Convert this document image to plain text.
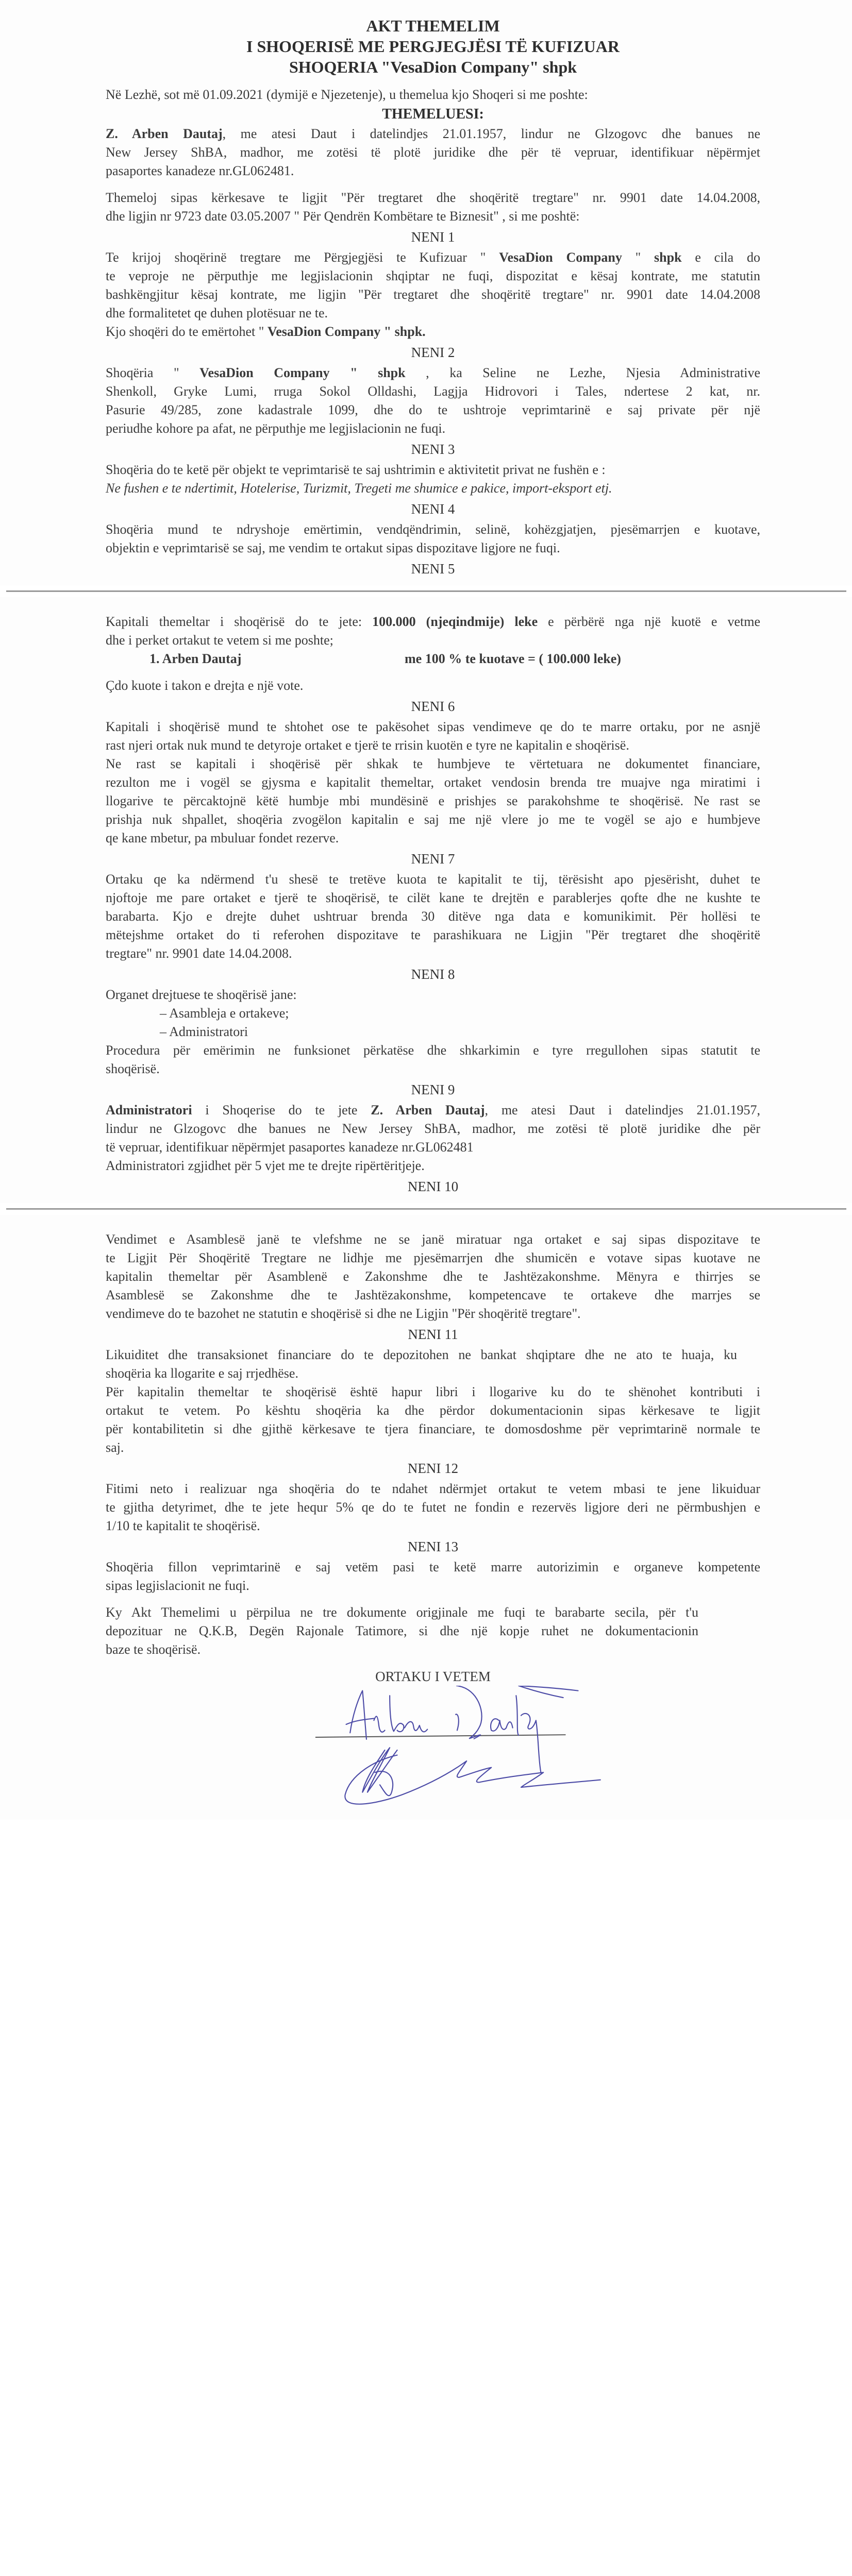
AKT THEMELIM
I SHOQERISË ME PERGJEGJËSI TË KUFIZUAR
SHOQERIA "VesaDion Company" shpk
Në Lezhë, sot më 01.09.2021 (dymijë e Njezetenje), u themelua kjo Shoqeri si me poshte:
THEMELUESI:
Z. Arben Dautaj, me atesi Daut i datelindjes 21.01.1957, lindur ne Glzogovc dhe banues ne
New Jersey ShBA, madhor, me zotësi të plotë juridike dhe për të vepruar, identifikuar nëpërmjet
pasaportes kanadeze nr.GL062481.
Themeloj sipas kërkesave te ligjit "Për tregtaret dhe shoqëritë tregtare" nr. 9901 date 14.04.2008,
dhe ligjin nr 9723 date 03.05.2007 " Për Qendrën Kombëtare te Biznesit" , si me poshtë:
NENI 1
Te krijoj shoqërinë tregtare me Përgjegjësi te Kufizuar " VesaDion Company " shpk e cila do
te veproje ne përputhje me legjislacionin shqiptar ne fuqi, dispozitat e kësaj kontrate, me statutin
bashkëngjitur kësaj kontrate, me ligjin "Për tregtaret dhe shoqëritë tregtare" nr. 9901 date 14.04.2008
dhe formalitetet qe duhen plotësuar ne te.
Kjo shoqëri do te emërtohet " VesaDion Company " shpk.
NENI 2
Shoqëria " VesaDion Company " shpk , ka Seline ne Lezhe, Njesia Administrative
Shenkoll, Gryke Lumi, rruga Sokol Olldashi, Lagjja Hidrovori i Tales, ndertese 2 kat, nr.
Pasurie 49/285, zone kadastrale 1099, dhe do te ushtroje veprimtarinë e saj private për një
periudhe kohore pa afat, ne përputhje me legjislacionin ne fuqi.
NENI 3
Shoqëria do te ketë për objekt te veprimtarisë te saj ushtrimin e aktivitetit privat ne fushën e :
Ne fushen e te ndertimit, Hotelerise, Turizmit, Tregeti me shumice e pakice, import-eksport etj.
NENI 4
Shoqëria mund te ndryshoje emërtimin, vendqëndrimin, selinë, kohëzgjatjen, pjesëmarrjen e kuotave,
objektin e veprimtarisë se saj, me vendim te ortakut sipas dispozitave ligjore ne fuqi.
NENI 5
Kapitali themeltar i shoqërisë do te jete: 100.000 (njeqindmije) leke e përbërë nga një kuotë e vetme
dhe i perket ortakut te vetem si me poshte;
1. Arben Dautaj	me 100 % te kuotave = ( 100.000 leke)
Çdo kuote i takon e drejta e një vote.
NENI 6
Kapitali i shoqërisë mund te shtohet ose te pakësohet sipas vendimeve qe do te marre ortaku, por ne asnjë
rast njeri ortak nuk mund te detyroje ortaket e tjerë te rrisin kuotën e tyre ne kapitalin e shoqërisë.
Ne rast se kapitali i shoqërisë për shkak te humbjeve te vërtetuara ne dokumentet financiare,
rezulton me i vogël se gjysma e kapitalit themeltar, ortaket vendosin brenda tre muajve nga miratimi i
llogarive te përcaktojnë këtë humbje mbi mundësinë e prishjes se parakohshme te shoqërisë. Ne rast se
prishja nuk shpallet, shoqëria zvogëlon kapitalin e saj me një vlere jo me te vogël se ajo e humbjeve
qe kane mbetur, pa mbuluar fondet rezerve.
NENI 7
Ortaku qe ka ndërmend t'u shesë te tretëve kuota te kapitalit te tij, tërësisht apo pjesërisht, duhet te
njoftoje me pare ortaket e tjerë te shoqërisë, te cilët kane te drejtën e parablerjes qofte dhe ne kushte te
barabarta. Kjo e drejte duhet ushtruar brenda 30 ditëve nga data e komunikimit. Për hollësi te
mëtejshme ortaket do ti referohen dispozitave te parashikuara ne Ligjin "Për tregtaret dhe shoqëritë
tregtare" nr. 9901 date 14.04.2008.
NENI 8
Organet drejtuese te shoqërisë jane:
– Asambleja e ortakeve;
– Administratori
Procedura për emërimin ne funksionet përkatëse dhe shkarkimin e tyre rregullohen sipas statutit te
shoqërisë.
NENI 9
Administratori i Shoqerise do te jete Z. Arben Dautaj, me atesi Daut i datelindjes 21.01.1957,
lindur ne Glzogovc dhe banues ne New Jersey ShBA, madhor, me zotësi të plotë juridike dhe për
të vepruar, identifikuar nëpërmjet pasaportes kanadeze nr.GL062481
Administratori zgjidhet për 5 vjet me te drejte ripërtëritjeje.
NENI 10
Vendimet e Asamblesë janë te vlefshme ne se janë miratuar nga ortaket e saj sipas dispozitave te
te Ligjit Për Shoqëritë Tregtare ne lidhje me pjesëmarrjen dhe shumicën e votave sipas kuotave ne
kapitalin themeltar për Asamblenë e Zakonshme dhe te Jashtëzakonshme. Mënyra e thirrjes se
Asamblesë se Zakonshme dhe te Jashtëzakonshme, kompetencave te ortakeve dhe marrjes se
vendimeve do te bazohet ne statutin e shoqërisë si dhe ne Ligjin "Për shoqëritë tregtare".
NENI 11
Likuiditet dhe transaksionet financiare do te depozitohen ne bankat shqiptare dhe ne ato te huaja, ku
shoqëria ka llogarite e saj rrjedhëse.
Për kapitalin themeltar te shoqërisë është hapur libri i llogarive ku do te shënohet kontributi i
ortakut te vetem. Po kështu shoqëria ka dhe përdor dokumentacionin sipas kërkesave te ligjit
për kontabilitetin si dhe gjithë kërkesave te tjera financiare, te domosdoshme për veprimtarinë normale te
saj.
NENI 12
Fitimi neto i realizuar nga shoqëria do te ndahet ndërmjet ortakut te vetem mbasi te jene likuiduar
te gjitha detyrimet, dhe te jete hequr 5% qe do te futet ne fondin e rezervës ligjore deri ne përmbushjen e
1/10 te kapitalit te shoqërisë.
NENI 13
Shoqëria fillon veprimtarinë e saj vetëm pasi te ketë marre autorizimin e organeve kompetente
sipas legjislacionit ne fuqi.
Ky Akt Themelimi u përpilua ne tre dokumente origjinale me fuqi te barabarte secila, për t'u
depozituar ne Q.K.B, Degën Rajonale Tatimore, si dhe një kopje ruhet ne dokumentacionin
baze te shoqërisë.
ORTAKU I VETEM
